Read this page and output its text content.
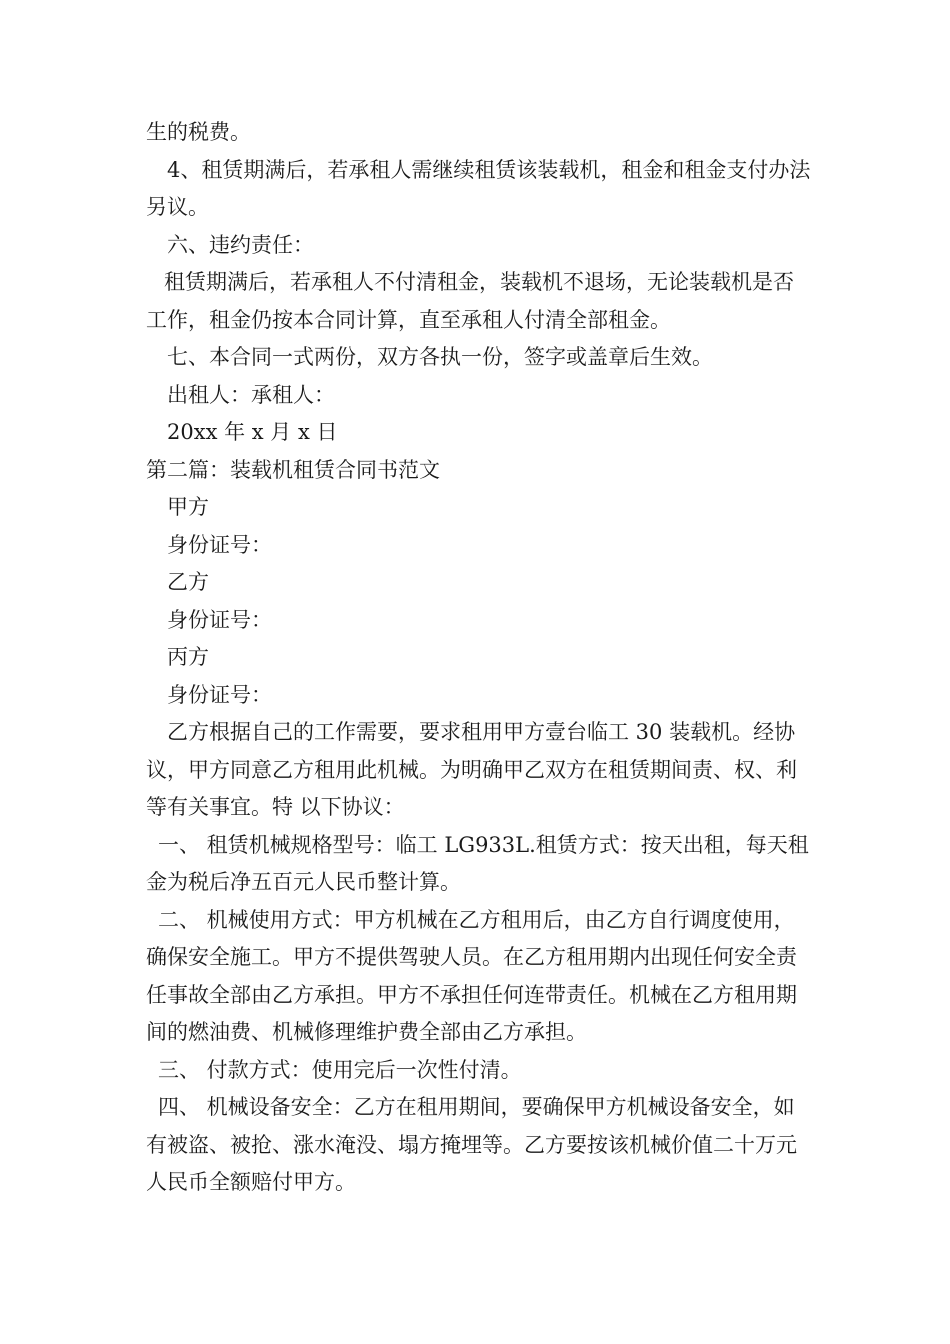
生的税费。

4、租赁期满后，若承租人需继续租赁该装载机，租金和租金支付办法另议。

六、违约责任：

租赁期满后，若承租人不付清租金，装载机不退场，无论装载机是否工作，租金仍按本合同计算，直至承租人付清全部租金。

七、本合同一式两份，双方各执一份，签字或盖章后生效。

出租人：承租人：

20xx 年 x 月 x 日

第二篇：装载机租赁合同书范文

甲方

身份证号：

乙方

身份证号：

丙方

身份证号：

乙方根据自己的工作需要，要求租用甲方壹台临工 30 装载机。经协议，甲方同意乙方租用此机械。为明确甲乙双方在租赁期间责、权、利等有关事宜。特 以下协议：

一、 租赁机械规格型号：临工 LG933L.租赁方式：按天出租，每天租金为税后净五百元人民币整计算。

二、 机械使用方式：甲方机械在乙方租用后，由乙方自行调度使用，确保安全施工。甲方不提供驾驶人员。在乙方租用期内出现任何安全责任事故全部由乙方承担。甲方不承担任何连带责任。机械在乙方租用期间的燃油费、机械修理维护费全部由乙方承担。

三、 付款方式：使用完后一次性付清。

四、 机械设备安全：乙方在租用期间，要确保甲方机械设备安全，如有被盗、被抢、涨水淹没、塌方掩埋等。乙方要按该机械价值二十万元人民币全额赔付甲方。
